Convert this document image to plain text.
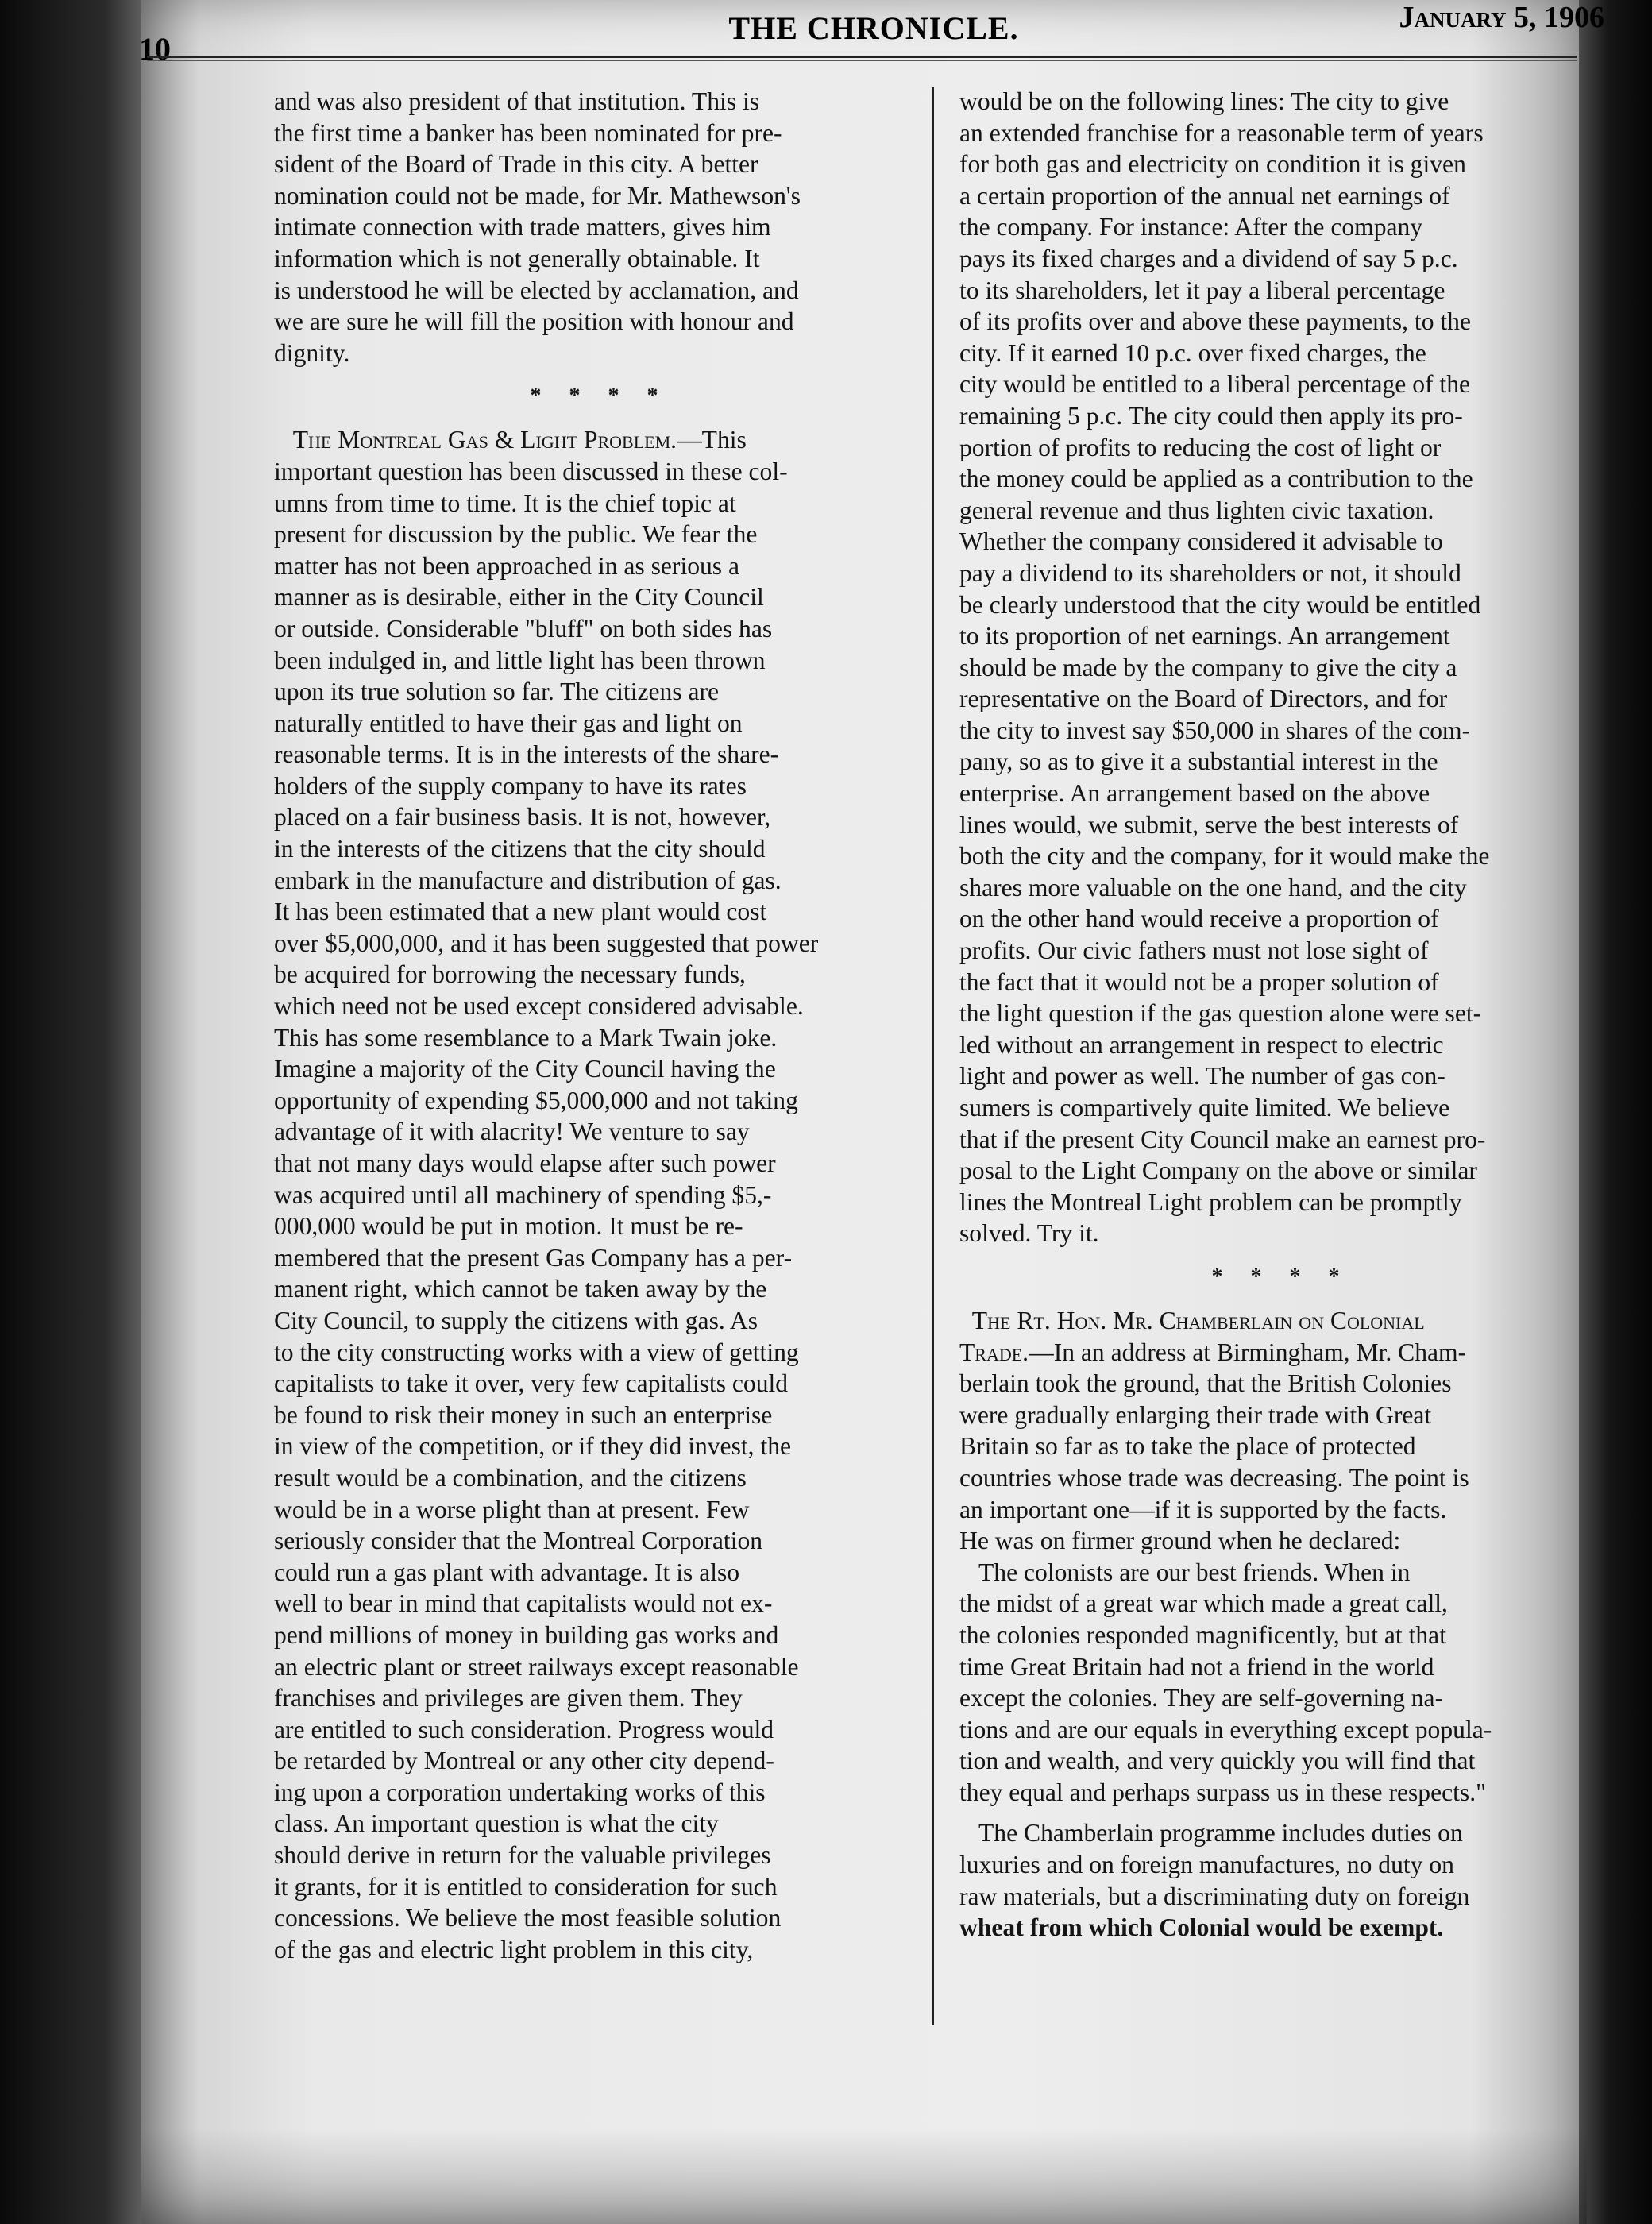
10
THE CHRONICLE.	January 5, 1906
and was also president of that institution. This is
the first time a banker has been nominated for pre-
sident of the Board of Trade in this city. A better
nomination could not be made, for Mr. Mathewson's
intimate connection with trade matters, gives him
information which is not generally obtainable. It
is understood he will be elected by acclamation, and
we are sure he will fill the position with honour and
dignity.
* * * *
The Montreal Gas & Light Problem.—This
important question has been discussed in these col-
umns from time to time. It is the chief topic at
present for discussion by the public. We fear the
matter has not been approached in as serious a
manner as is desirable, either in the City Council
or outside. Considerable "bluff" on both sides has
been indulged in, and little light has been thrown
upon its true solution so far. The citizens are
naturally entitled to have their gas and light on
reasonable terms. It is in the interests of the share-
holders of the supply company to have its rates
placed on a fair business basis. It is not, however,
in the interests of the citizens that the city should
embark in the manufacture and distribution of gas.
It has been estimated that a new plant would cost
over $5,000,000, and it has been suggested that power
be acquired for borrowing the necessary funds,
which need not be used except considered advisable.
This has some resemblance to a Mark Twain joke.
Imagine a majority of the City Council having the
opportunity of expending $5,000,000 and not taking
advantage of it with alacrity! We venture to say
that not many days would elapse after such power
was acquired until all machinery of spending $5,-
000,000 would be put in motion. It must be re-
membered that the present Gas Company has a per-
manent right, which cannot be taken away by the
City Council, to supply the citizens with gas. As
to the city constructing works with a view of getting
capitalists to take it over, very few capitalists could
be found to risk their money in such an enterprise
in view of the competition, or if they did invest, the
result would be a combination, and the citizens
would be in a worse plight than at present. Few
seriously consider that the Montreal Corporation
could run a gas plant with advantage. It is also
well to bear in mind that capitalists would not ex-
pend millions of money in building gas works and
an electric plant or street railways except reasonable
franchises and privileges are given them. They
are entitled to such consideration. Progress would
be retarded by Montreal or any other city depend-
ing upon a corporation undertaking works of this
class. An important question is what the city
should derive in return for the valuable privileges
it grants, for it is entitled to consideration for such
concessions. We believe the most feasible solution
of the gas and electric light problem in this city,
would be on the following lines: The city to give
an extended franchise for a reasonable term of years
for both gas and electricity on condition it is given
a certain proportion of the annual net earnings of
the company. For instance: After the company
pays its fixed charges and a dividend of say 5 p.c.
to its shareholders, let it pay a liberal percentage
of its profits over and above these payments, to the
city. If it earned 10 p.c. over fixed charges, the
city would be entitled to a liberal percentage of the
remaining 5 p.c. The city could then apply its pro-
portion of profits to reducing the cost of light or
the money could be applied as a contribution to the
general revenue and thus lighten civic taxation.
Whether the company considered it advisable to
pay a dividend to its shareholders or not, it should
be clearly understood that the city would be entitled
to its proportion of net earnings. An arrangement
should be made by the company to give the city a
representative on the Board of Directors, and for
the city to invest say $50,000 in shares of the com-
pany, so as to give it a substantial interest in the
enterprise. An arrangement based on the above
lines would, we submit, serve the best interests of
both the city and the company, for it would make the
shares more valuable on the one hand, and the city
on the other hand would receive a proportion of
profits. Our civic fathers must not lose sight of
the fact that it would not be a proper solution of
the light question if the gas question alone were set-
led without an arrangement in respect to electric
light and power as well. The number of gas con-
sumers is compartively quite limited. We believe
that if the present City Council make an earnest pro-
posal to the Light Company on the above or similar
lines the Montreal Light problem can be promptly
solved. Try it.
* * * *
The Rt. Hon. Mr. Chamberlain on Colonial
Trade.—In an address at Birmingham, Mr. Cham-
berlain took the ground, that the British Colonies
were gradually enlarging their trade with Great
Britain so far as to take the place of protected
countries whose trade was decreasing. The point is
an important one—if it is supported by the facts.
He was on firmer ground when he declared:
The colonists are our best friends. When in
the midst of a great war which made a great call,
the colonies responded magnificently, but at that
time Great Britain had not a friend in the world
except the colonies. They are self-governing na-
tions and are our equals in everything except popula-
tion and wealth, and very quickly you will find that
they equal and perhaps surpass us in these respects."
The Chamberlain programme includes duties on
luxuries and on foreign manufactures, no duty on
raw materials, but a discriminating duty on foreign
wheat from which Colonial would be exempt.
